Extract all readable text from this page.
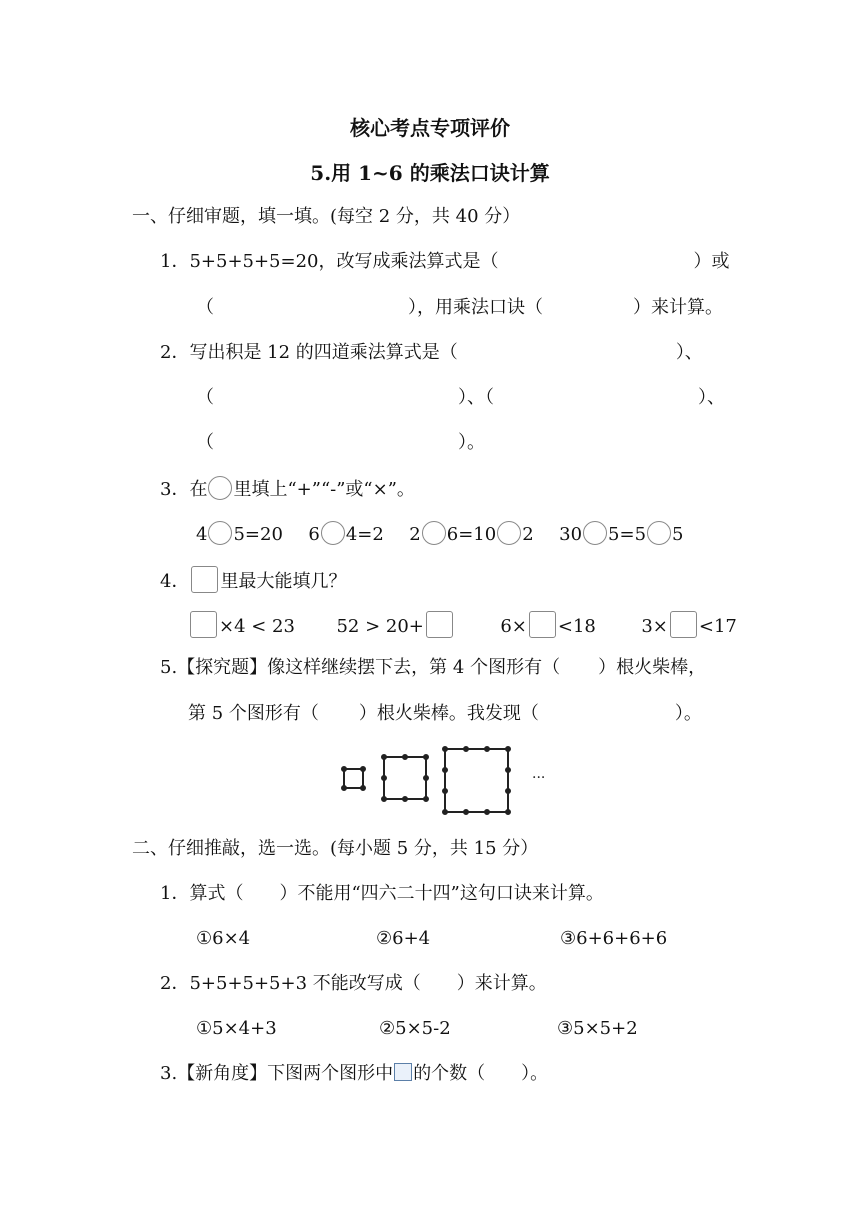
核心考点专项评价
5.用 1~6 的乘法口诀计算
一、仔细审题，填一填。(每空 2 分，共 40 分）
1．5+5+5+5=20，改写成乘法算式是（	）或
（	），用乘法口诀（	）来计算。
2．写出积是 12 的四道乘法算式是（	）、
（	）、（	）、
（	）。
3．在 里填上“+”“-”或“×”。
4 5=20 6 4=2 2 6=10 2 30 5=5 5
4． 里最大能填几？
×4 < 23 52 > 20+	6× <18	3× <17
5.【探究题】像这样继续摆下去，第 4 个图形有（ ）根火柴棒，
第 5 个图形有（ ）根火柴棒。我发现（	）。
···
二、仔细推敲，选一选。(每小题 5 分，共 15 分）
1．算式（　　）不能用“四六二十四”这句口诀来计算。
①6×4	②6+4	③6+6+6+6
2．5+5+5+5+3 不能改写成（　　）来计算。
①5×4+3	②5×5-2	③5×5+2
3.【新角度】下图两个图形中 的个数（　　）。
